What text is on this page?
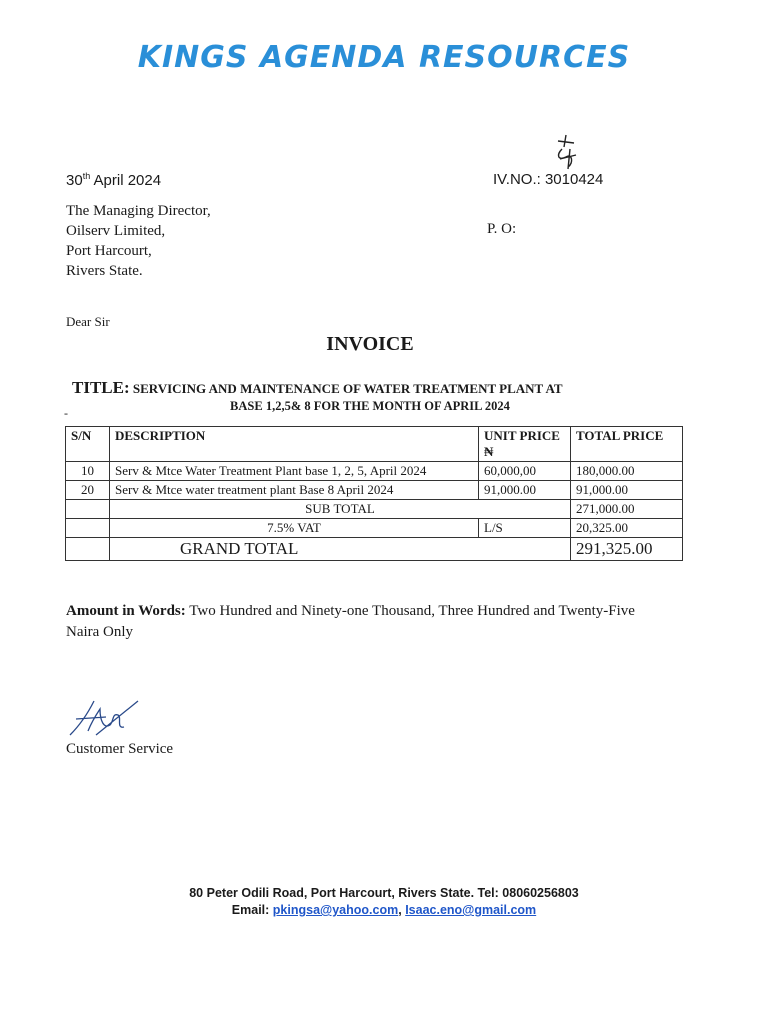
KINGS AGENDA RESOURCES
30th April 2024	IV.NO.: 3010424
The Managing Director,
Oilserv Limited,
Port Harcourt,
Rivers State.
P. O:
Dear Sir
INVOICE
TITLE: SERVICING AND MAINTENANCE OF WATER TREATMENT PLANT AT
-	BASE 1,2,5& 8 FOR THE MONTH OF APRIL 2024
S/N	DESCRIPTION	UNIT PRICE ₦	TOTAL PRICE
10	Serv & Mtce Water Treatment Plant base 1, 2, 5, April 2024	60,000,00	180,000.00
20	Serv & Mtce water treatment plant Base 8 April 2024	91,000.00	91,000.00
	SUB TOTAL		271,000.00
	7.5% VAT	L/S	20,325.00
	GRAND TOTAL		291,325.00
Amount in Words: Two Hundred and Ninety-one Thousand, Three Hundred and Twenty-Five Naira Only
Customer Service
80 Peter Odili Road, Port Harcourt, Rivers State. Tel: 08060256803
Email: pkingsa@yahoo.com, Isaac.eno@gmail.com
